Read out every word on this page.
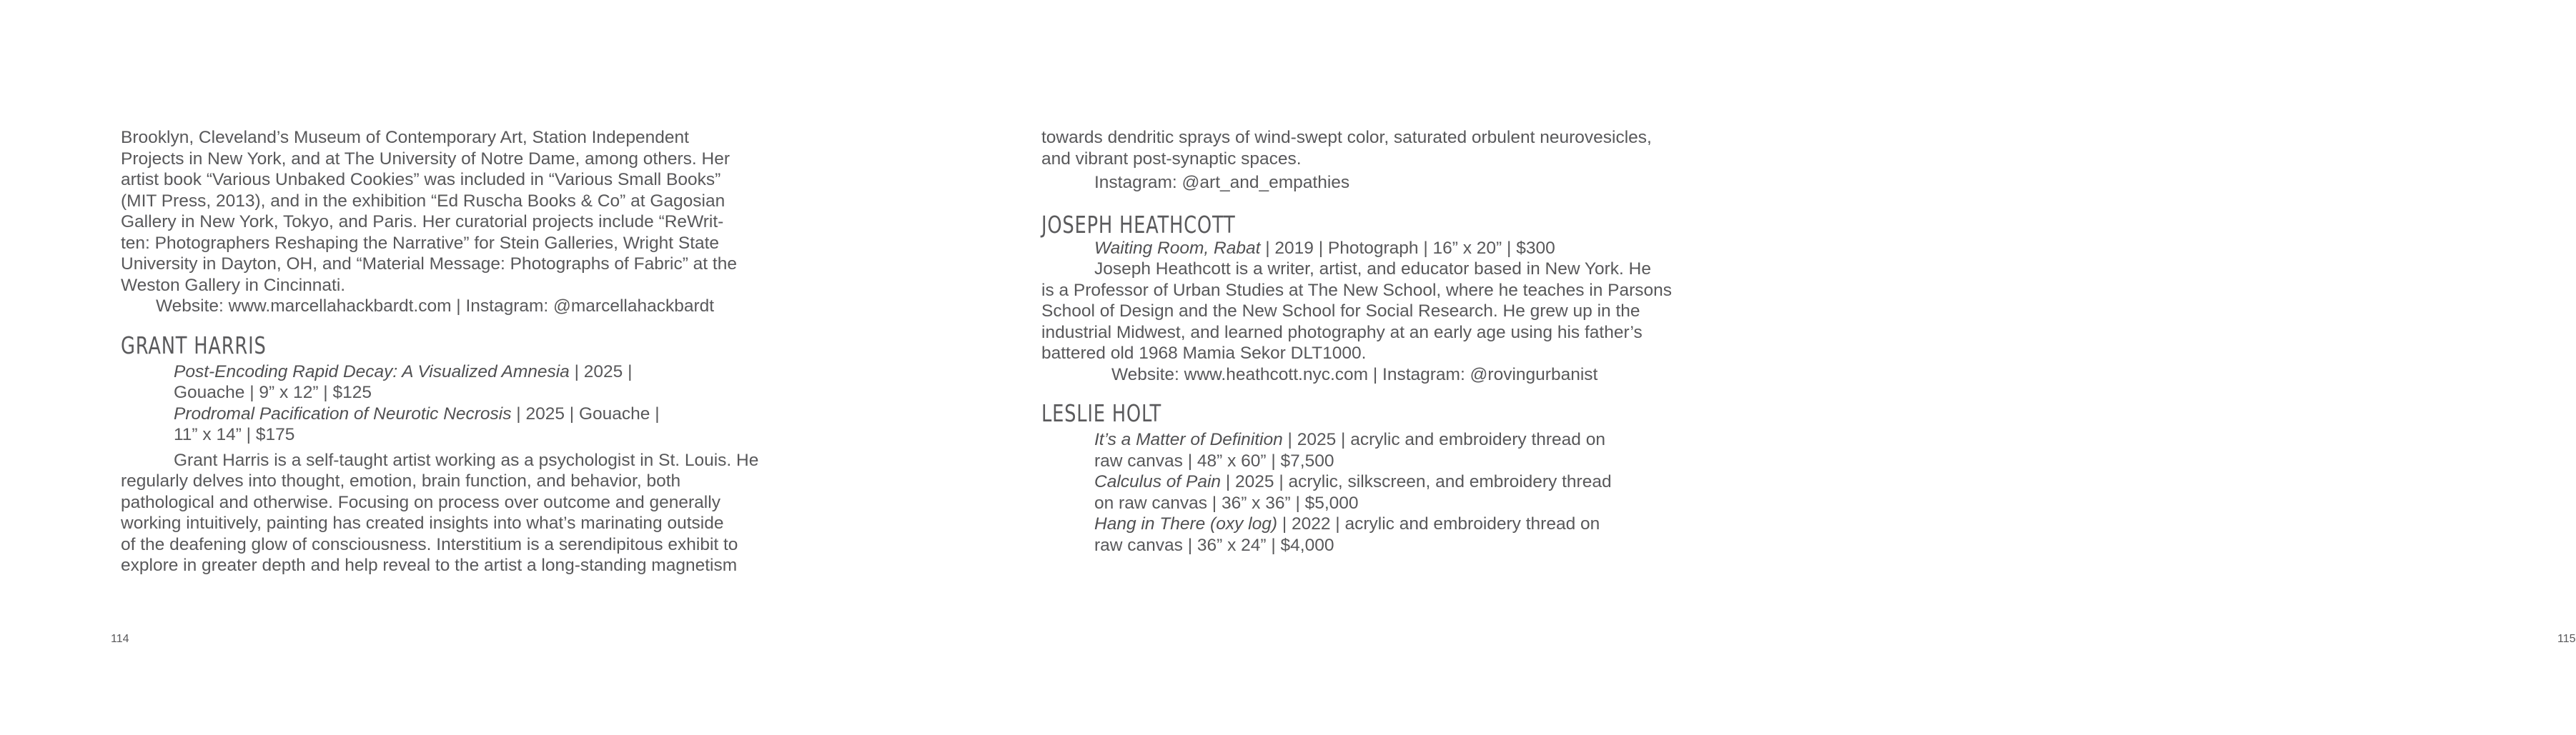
Brooklyn, Cleveland’s Museum of Contemporary Art, Station Independent
Projects in New York, and at The University of Notre Dame, among others. Her
artist book “Various Unbaked Cookies” was included in “Various Small Books”
(MIT Press, 2013), and in the exhibition “Ed Ruscha Books & Co” at Gagosian
Gallery in New York, Tokyo, and Paris. Her curatorial projects include “ReWrit-
ten: Photographers Reshaping the Narrative” for Stein Galleries, Wright State
University in Dayton, OH, and “Material Message: Photographs of Fabric” at the
Weston Gallery in Cincinnati.
Website: www.marcellahackbardt.com | Instagram: @marcellahackbardt
GRANT HARRIS
Post-Encoding Rapid Decay: A Visualized Amnesia | 2025 |
Gouache | 9” x 12” | $125
Prodromal Pacification of Neurotic Necrosis | 2025 | Gouache |
11” x 14” | $175
Grant Harris is a self-taught artist working as a psychologist in St. Louis. He
regularly delves into thought, emotion, brain function, and behavior, both
pathological and otherwise. Focusing on process over outcome and generally
working intuitively, painting has created insights into what’s marinating outside
of the deafening glow of consciousness. Interstitium is a serendipitous exhibit to
explore in greater depth and help reveal to the artist a long-standing magnetism
114
towards dendritic sprays of wind-swept color, saturated orbulent neurovesicles,
and vibrant post-synaptic spaces.
Instagram: @art_and_empathies
JOSEPH HEATHCOTT
Waiting Room, Rabat | 2019 | Photograph | 16” x 20” | $300
Joseph Heathcott is a writer, artist, and educator based in New York. He
is a Professor of Urban Studies at The New School, where he teaches in Parsons
School of Design and the New School for Social Research. He grew up in the
industrial Midwest, and learned photography at an early age using his father’s
battered old 1968 Mamia Sekor DLT1000.
Website: www.heathcott.nyc.com | Instagram: @rovingurbanist
LESLIE HOLT
It’s a Matter of Definition | 2025 | acrylic and embroidery thread on
raw canvas | 48” x 60” | $7,500
Calculus of Pain | 2025 | acrylic, silkscreen, and embroidery thread
on raw canvas | 36” x 36” | $5,000
Hang in There (oxy log) | 2022 | acrylic and embroidery thread on
raw canvas | 36” x 24” | $4,000
115
